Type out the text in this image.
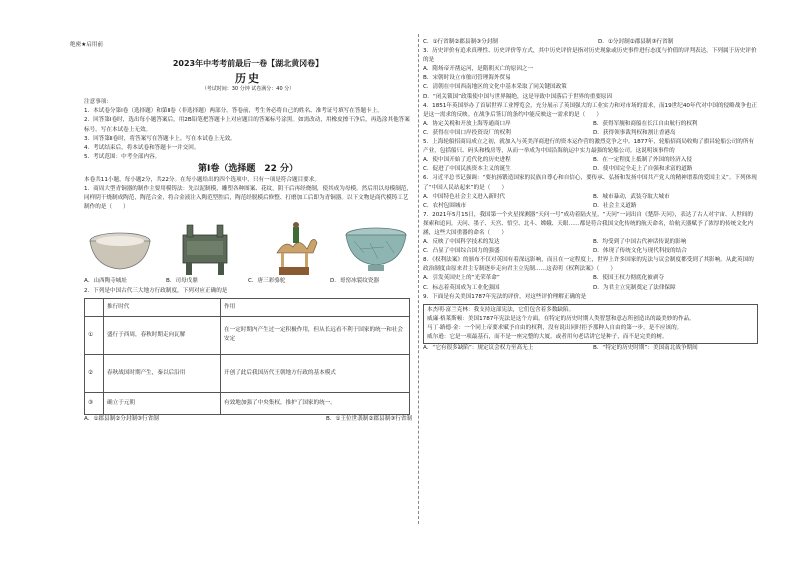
绝密★启用前
2023年中考考前最后一卷【湖北黄冈卷】
历史
（考试时间：30 分钟 试卷满分：40 分）

注意事项：

1．本试卷分第Ⅰ卷（选择题）和第Ⅱ卷（非选择题）两部分。答卷前，考生务必将自己的姓名、准考证号填写在答题卡上。

2．回答第Ⅰ卷时，选出每小题答案后，用2B铅笔把答题卡上对应题目的答案标号涂黑。如需改动，用橡皮擦干净后，再选涂其他答案标号。写在本试卷上无效。

3．回答第Ⅱ卷时，将答案写在答题卡上。写在本试卷上无效。

4．考试结束后，将本试卷和答题卡一并交回。

5．考试范围：中考全部内容。

第Ⅰ卷（选择题　22 分）

本卷共11小题，每小题2分，共22分。在每小题给出的四个选项中，只有一项是符合题目要求。

1．商周大型青铜器的制作主要用模铸法：先以泥制模，雕塑各种图案、花纹，阴干后再经烧制，使其成为母模。然后用以母模制范，同样阴干烧制成陶范，陶范合金，将合金液注入陶范型腔后，陶范经脱模后修整、打磨加工后即为青铜器。以下文物是商代模铸工艺制作的是（　　）

A．山西陶寺城址	B．司母戊鼎	C．唐三彩骆驼	D．哥窑冰裂纹瓷器

2．下列是中国古代三大地方行政制度，下列对应正确的是

	推行时代	作用
①	盛行于西周，春秋时期走向瓦解	在一定时期内产生过一定积极作用，但从长远看不利于国家的统一和社会安定
②	春秋战国时期产生，秦以后沿用	开创了此后我国历代王朝地方行政的基本模式
③	确立于元朝	有效地加强了中央集权，推护了国家的统一。
A．①郡县制②分封制③行省制	B．①王位世袭制②郡县制③行省制
C．①行省制②郡县制③分封制	D．①分封制②郡县制③行省制

3．历史评价有追求真理性、历史评价等方式，其中历史评价是指对历史现象或历史事件进行态度与价值的评判表达。下列属于历史评价的是

A．隋炀帝开凿运河，是隋朝灭亡的原因之一

B．宋朝时设立市舶司管理海外贸易

C．清朝在中国西南地区的文化中基本采取了同关键国政策

D．“闭关锁国”政策使中国与世界隔绝，这是导致中国落后于世界的重要原因

4．1851年英国举办了首届世界工业博览会，充分展示了英国强大的工业实力和对市场的需求，而19世纪40年代对中国的侵略战争也正是这一需求的反映。在战争后签订的条约中能反映这一需求的是（　　）

A．协定关税和开放上海等通商口岸	B．获得军舰和商船在长江自由航行的权利
C．获得在中国口岸投资设厂的权利	D．获得领事裁判权和割让香港岛

5．上海轮船招商局成立之初，就加入与英美洋商进行的资本运作营的激烈竞争之中。1877年，轮船招商局收购了旗昌轮船公司的所有产业，包括船只、码头和栈房等，从而一举成为中国沿海航运中实力最强的轮船公司。这说明该事件的

A．使中国开始了近代化的历史进程	B．在一定程度上抵制了外国的经济入侵
C．促进了中国民族资本主义的诞生	D．使中国完全走上了自强和求富的道路

6．习近平总书记强调：“要抗扬锻造国家的民族自尊心和自信心，要传承、弘扬和发扬中国共产党人的精神谱系的爱国主义”。下列体现了“中国人民站起来”的是（　　）

A．中国特色社会主义进入新时代	B．城市暴动，武装夺取大城市
C．农村包围城市	D．社会主义道路

7．2021年5月15日，我国第一个火星探测器“天问一号”成功着陆火星。“天问”一词出自《楚辞·天问》，表达了古人对宇宙、人世间的探索和追问。天问、墨子、天宫、悟空、北斗、嫦娥、天眼……都是符合我国文化传统的航天命名，给航天器赋予了浓厚的传统文化内涵，这些大国重器的命名（　　）

A．反映了中国科学技术的发达	B．均受到了中国古代神话传说的影响
C．凸显了中国综合国力的强盛	D．体现了传统文化与现代科技的结合

8．《权利法案》的颁布不仅对英国有着深远影响，而且在一定程度上，世界上许多国家的宪法与议会制度都受到了其影响。从此英国的政治制度由原来君主专制逐步走向君主立宪制……这表明《权利法案》（　　）

A．引发英国史上的“光荣革命”	B．使国王权力彻底化被剥夺
C．标志着英国成为工业化强国	D．为君主立宪制奠定了法律保障

9．下面是有关美国1787年宪法的评价，对这些评价理解正确的是

本杰明·富兰克林：我支持这部宪法，它们包含着多数缺陷。

威廉·格莱斯顿：美国1787年宪法是这个方面，在特定的历史时期人类智慧和意志所创造出的最美妙的作品。

马丁·路德·金：一个同上帝要求赋予自由的权利，没有说出同时拒予那种人自由的第一步，是不应该的。

威尔逊：它是一项最基石，而不是一座完整的大厦。或者用句老话讲它是种子，而不是完美的树。

A．“它有很多缺陷”：规定议会权力至高无上	B．“特定的历史时期”：美国南北战争期间
